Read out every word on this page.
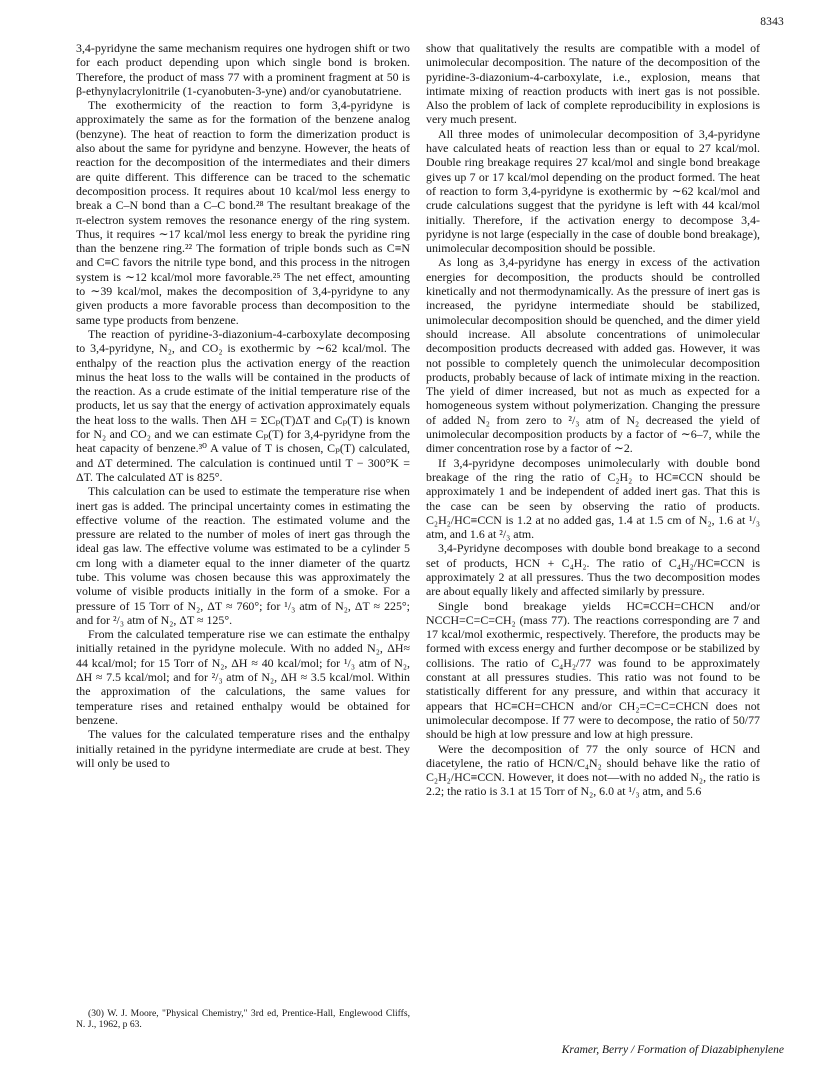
8343

3,4-pyridyne the same mechanism requires one hydrogen shift or two for each product depending upon which single bond is broken. Therefore, the product of mass 77 with a prominent fragment at 50 is β-ethynylacrylonitrile (1-cyanobuten-3-yne) and/or cyanobutatriene.

The exothermicity of the reaction to form 3,4-pyridyne is approximately the same as for the formation of the benzene analog (benzyne). The heat of reaction to form the dimerization product is also about the same for pyridyne and benzyne. However, the heats of reaction for the decomposition of the intermediates and their dimers are quite different. This difference can be traced to the schematic decomposition process. It requires about 10 kcal/mol less energy to break a C–N bond than a C–C bond.²⁸ The resultant breakage of the π-electron system removes the resonance energy of the ring system. Thus, it requires ∼17 kcal/mol less energy to break the pyridine ring than the benzene ring.²² The formation of triple bonds such as C≡N and C≡C favors the nitrile type bond, and this process in the nitrogen system is ∼12 kcal/mol more favorable.²⁵ The net effect, amounting to ∼39 kcal/mol, makes the decomposition of 3,4-pyridyne to any given products a more favorable process than decomposition to the same type products from benzene.

The reaction of pyridine-3-diazonium-4-carboxylate decomposing to 3,4-pyridyne, N₂, and CO₂ is exothermic by ∼62 kcal/mol. The enthalpy of the reaction plus the activation energy of the reaction minus the heat loss to the walls will be contained in the products of the reaction. As a crude estimate of the initial temperature rise of the products, let us say that the energy of activation approximately equals the heat loss to the walls. Then ΔH = ΣCₚ(T)ΔT and Cₚ(T) is known for N₂ and CO₂ and we can estimate Cₚ(T) for 3,4-pyridyne from the heat capacity of benzene.³⁰ A value of T is chosen, Cₚ(T) calculated, and ΔT determined. The calculation is continued until T − 300°K = ΔT. The calculated ΔT is 825°.

This calculation can be used to estimate the temperature rise when inert gas is added. The principal uncertainty comes in estimating the effective volume of the reaction. The estimated volume and the pressure are related to the number of moles of inert gas through the ideal gas law. The effective volume was estimated to be a cylinder 5 cm long with a diameter equal to the inner diameter of the quartz tube. This volume was chosen because this was approximately the volume of visible products initially in the form of a smoke. For a pressure of 15 Torr of N₂, ΔT ≈ 760°; for ¹/₃ atm of N₂, ΔT ≈ 225°; and for ²/₃ atm of N₂, ΔT ≈ 125°.

From the calculated temperature rise we can estimate the enthalpy initially retained in the pyridyne molecule. With no added N₂, ΔH≈ 44 kcal/mol; for 15 Torr of N₂, ΔH ≈ 40 kcal/mol; for ¹/₃ atm of N₂, ΔH ≈ 7.5 kcal/mol; and for ²/₃ atm of N₂, ΔH ≈ 3.5 kcal/mol. Within the approximation of the calculations, the same values for temperature rises and retained enthalpy would be obtained for benzene.

The values for the calculated temperature rises and the enthalpy initially retained in the pyridyne intermediate are crude at best. They will only be used to

show that qualitatively the results are compatible with a model of unimolecular decomposition. The nature of the decomposition of the pyridine-3-diazonium-4-carboxylate, i.e., explosion, means that intimate mixing of reaction products with inert gas is not possible. Also the problem of lack of complete reproducibility in explosions is very much present.

All three modes of unimolecular decomposition of 3,4-pyridyne have calculated heats of reaction less than or equal to 27 kcal/mol. Double ring breakage requires 27 kcal/mol and single bond breakage gives up 7 or 17 kcal/mol depending on the product formed. The heat of reaction to form 3,4-pyridyne is exothermic by ∼62 kcal/mol and crude calculations suggest that the pyridyne is left with 44 kcal/mol initially. Therefore, if the activation energy to decompose 3,4-pyridyne is not large (especially in the case of double bond breakage), unimolecular decomposition should be possible.

As long as 3,4-pyridyne has energy in excess of the activation energies for decomposition, the products should be controlled kinetically and not thermodynamically. As the pressure of inert gas is increased, the pyridyne intermediate should be stabilized, unimolecular decomposition should be quenched, and the dimer yield should increase. All absolute concentrations of unimolecular decomposition products decreased with added gas. However, it was not possible to completely quench the unimolecular decomposition products, probably because of lack of intimate mixing in the reaction. The yield of dimer increased, but not as much as expected for a homogeneous system without polymerization. Changing the pressure of added N₂ from zero to ²/₃ atm of N₂ decreased the yield of unimolecular decomposition products by a factor of ∼6–7, while the dimer concentration rose by a factor of ∼2.

If 3,4-pyridyne decomposes unimolecularly with double bond breakage of the ring the ratio of C₂H₂ to HC≡CCN should be approximately 1 and be independent of added inert gas. That this is the case can be seen by observing the ratio of products. C₂H₂/HC≡CCN is 1.2 at no added gas, 1.4 at 1.5 cm of N₂, 1.6 at ¹/₃ atm, and 1.6 at ²/₃ atm.

3,4-Pyridyne decomposes with double bond breakage to a second set of products, HCN + C₄H₂. The ratio of C₄H₂/HC≡CCN is approximately 2 at all pressures. Thus the two decomposition modes are about equally likely and affected similarly by pressure.

Single bond breakage yields HC≡CCH=CHCN and/or NCCH=C=C=CH₂ (mass 77). The reactions corresponding are 7 and 17 kcal/mol exothermic, respectively. Therefore, the products may be formed with excess energy and further decompose or be stabilized by collisions. The ratio of C₄H₂/77 was found to be approximately constant at all pressures studies. This ratio was not found to be statistically different for any pressure, and within that accuracy it appears that HC≡CH=CHCN and/or CH₂=C=C=CHCN does not unimolecular decompose. If 77 were to decompose, the ratio of 50/77 should be high at low pressure and low at high pressure.

Were the decomposition of 77 the only source of HCN and diacetylene, the ratio of HCN/C₄N₂ should behave like the ratio of C₂H₂/HC≡CCN. However, it does not—with no added N₂, the ratio is 2.2; the ratio is 3.1 at 15 Torr of N₂, 6.0 at ¹/₃ atm, and 5.6

(30) W. J. Moore, "Physical Chemistry," 3rd ed, Prentice-Hall, Englewood Cliffs, N. J., 1962, p 63.
Kramer, Berry / Formation of Diazabiphenylene
